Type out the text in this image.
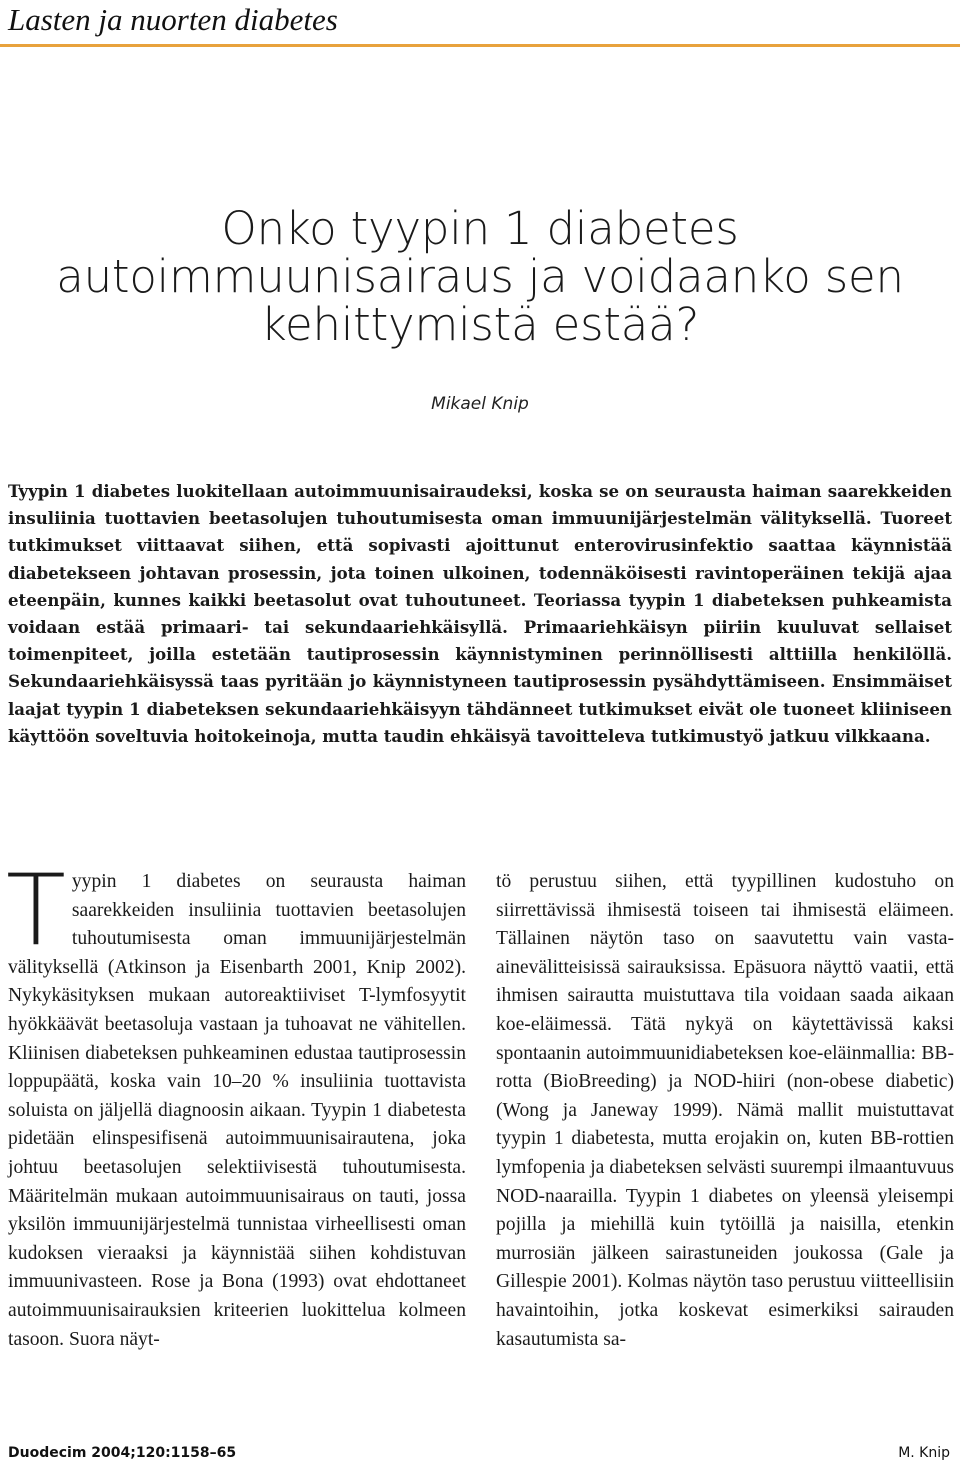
Lasten ja nuorten diabetes
Onko tyypin 1 diabetes autoimmuunisairaus ja voidaanko sen kehittymistä estää?
Mikael Knip

Tyypin 1 diabetes luokitellaan autoimmuunisairaudeksi, koska se on seurausta haiman saarekkeiden insuliinia tuottavien beetasolujen tuhoutumisesta oman immuunijärjestelmän välityksellä. Tuoreet tutkimukset viittaavat siihen, että sopivasti ajoittunut enterovirusinfektio saattaa käynnistää diabetekseen johtavan prosessin, jota toinen ulkoinen, todennäköisesti ravintoperäinen tekijä ajaa eteenpäin, kunnes kaikki beetasolut ovat tuhoutuneet. Teoriassa tyypin 1 diabeteksen puhkeamista voidaan estää primaari- tai sekundaariehkäisyllä. Primaariehkäisyn piiriin kuuluvat sellaiset toimenpiteet, joilla estetään tautiprosessin käynnistyminen perinnöllisesti alttiilla henkilöllä. Sekundaariehkäisyssä taas pyritään jo käynnistyneen tautiprosessin pysähdyttämiseen. Ensimmäiset laajat tyypin 1 diabeteksen sekundaariehkäisyyn tähdänneet tutkimukset eivät ole tuoneet kliiniseen käyttöön soveltuvia hoitokeinoja, mutta taudin ehkäisyä tavoitteleva tutkimustyö jatkuu vilkkaana.

T yypin 1 diabetes on seurausta haiman saarekkeiden insuliinia tuottavien beetasolujen tuhoutumisesta oman immuunijärjestelmän välityksellä (Atkinson ja Eisenbarth 2001, Knip 2002). Nykykäsityksen mukaan autoreaktiiviset T-lymfosyytit hyökkäävät beetasoluja vastaan ja tuhoavat ne vähitellen. Kliinisen diabeteksen puhkeaminen edustaa tautiprosessin loppupäätä, koska vain 10–20 % insuliinia tuottavista soluista on jäljellä diagnoosin aikaan. Tyypin 1 diabetesta pidetään elinspesifisenä autoimmuunisairautena, joka johtuu beetasolujen selektiivisestä tuhoutumisesta. Määritelmän mukaan autoimmuunisairaus on tauti, jossa yksilön immuunijärjestelmä tunnistaa virheellisesti oman kudoksen vieraaksi ja käynnistää siihen kohdistuvan immuunivasteen. Rose ja Bona (1993) ovat ehdottaneet autoimmuunisairauksien kriteerien luokittelua kolmeen tasoon. Suora näyt-
tö perustuu siihen, että tyypillinen kudostuho on siirrettävissä ihmisestä toiseen tai ihmisestä eläimeen. Tällainen näytön taso on saavutettu vain vasta-ainevälitteisissä sairauksissa. Epäsuora näyttö vaatii, että ihmisen sairautta muistuttava tila voidaan saada aikaan koe-eläimessä. Tätä nykyä on käytettävissä kaksi spontaanin autoimmuunidiabeteksen koe-eläinmallia: BB-rotta (BioBreeding) ja NOD-hiiri (non-obese diabetic) (Wong ja Janeway 1999). Nämä mallit muistuttavat tyypin 1 diabetesta, mutta erojakin on, kuten BB-rottien lymfopenia ja diabeteksen selvästi suurempi ilmaantuvuus NOD-naarailla. Tyypin 1 diabetes on yleensä yleisempi pojilla ja miehillä kuin tytöillä ja naisilla, etenkin murrosiän jälkeen sairastuneiden joukossa (Gale ja Gillespie 2001). Kolmas näytön taso perustuu viitteellisiin havaintoihin, jotka koskevat esimerkiksi sairauden kasautumista sa-
Duodecim 2004;120:1158–65	M. Knip
